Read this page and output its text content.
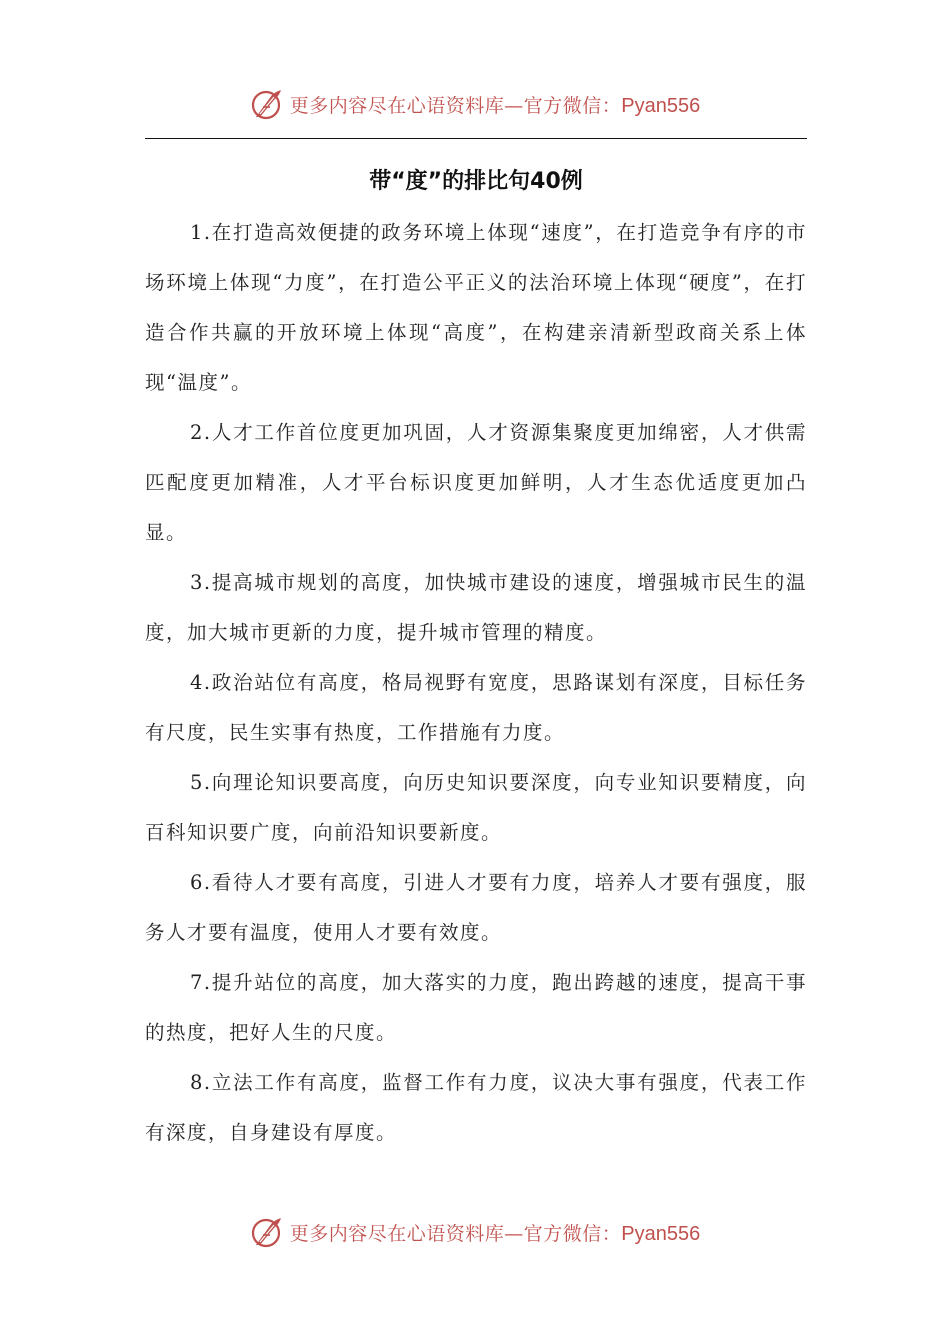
更多内容尽在心语资料库—官方微信：Pyan556
带“度”的排比句40例

1.在打造高效便捷的政务环境上体现“速度”，在打造竞争有序的市场环境上体现“力度”，在打造公平正义的法治环境上体现“硬度”，在打造合作共赢的开放环境上体现“高度”，在构建亲清新型政商关系上体现“温度”。

2.人才工作首位度更加巩固，人才资源集聚度更加绵密，人才供需匹配度更加精准，人才平台标识度更加鲜明，人才生态优适度更加凸显。

3.提高城市规划的高度，加快城市建设的速度，增强城市民生的温度，加大城市更新的力度，提升城市管理的精度。

4.政治站位有高度，格局视野有宽度，思路谋划有深度，目标任务有尺度，民生实事有热度，工作措施有力度。

5.向理论知识要高度，向历史知识要深度，向专业知识要精度，向百科知识要广度，向前沿知识要新度。

6.看待人才要有高度，引进人才要有力度，培养人才要有强度，服务人才要有温度，使用人才要有效度。

7.提升站位的高度，加大落实的力度，跑出跨越的速度，提高干事的热度，把好人生的尺度。

8.立法工作有高度，监督工作有力度，议决大事有强度，代表工作有深度，自身建设有厚度。

更多内容尽在心语资料库—官方微信：Pyan556
